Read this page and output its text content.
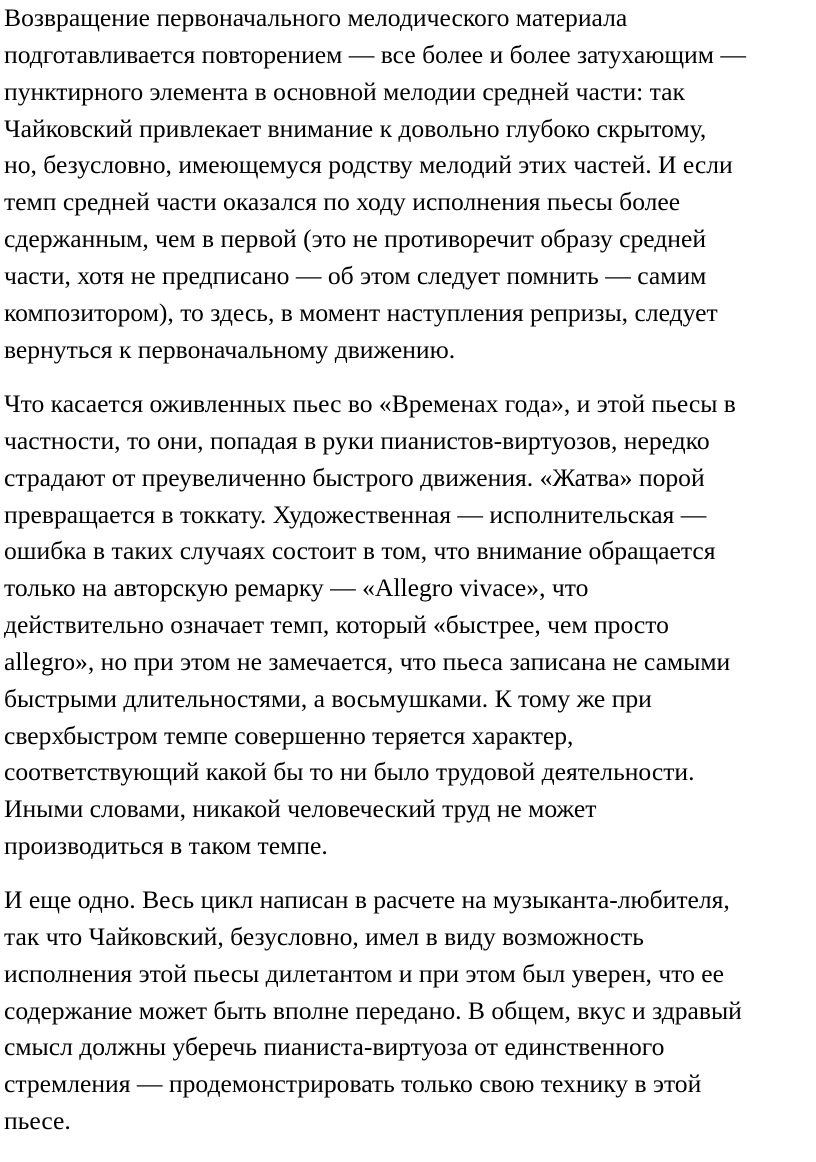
Возвращение первоначального мелодического материала
подготавливается повторением — все более и более затухающим —
пунктирного элемента в основной мелодии средней части: так
Чайковский привлекает внимание к довольно глубоко скрытому,
но, безусловно, имеющемуся родству мелодий этих частей. И если
темп средней части оказался по ходу исполнения пьесы более
сдержанным, чем в первой (это не противоречит образу средней
части, хотя не предписано — об этом следует помнить — самим
композитором), то здесь, в момент наступления репризы, следует
вернуться к первоначальному движению.

Что касается оживленных пьес во «Временах года», и этой пьесы в
частности, то они, попадая в руки пианистов-виртуозов, нередко
страдают от преувеличенно быстрого движения. «Жатва» порой
превращается в токкату. Художественная — исполнительская —
ошибка в таких случаях состоит в том, что внимание обращается
только на авторскую ремарку — «Allegro vivace», что
действительно означает темп, который «быстрее, чем просто
allegro», но при этом не замечается, что пьеса записана не самыми
быстрыми длительностями, а восьмушками. К тому же при
сверхбыстром темпе совершенно теряется характер,
соответствующий какой бы то ни было трудовой деятельности.
Иными словами, никакой человеческий труд не может
производиться в таком темпе.

И еще одно. Весь цикл написан в расчете на музыканта-любителя,
так что Чайковский, безусловно, имел в виду возможность
исполнения этой пьесы дилетантом и при этом был уверен, что ее
содержание может быть вполне передано. В общем, вкус и здравый
смысл должны уберечь пианиста-виртуоза от единственного
стремления — продемонстрировать только свою технику в этой
пьесе.
